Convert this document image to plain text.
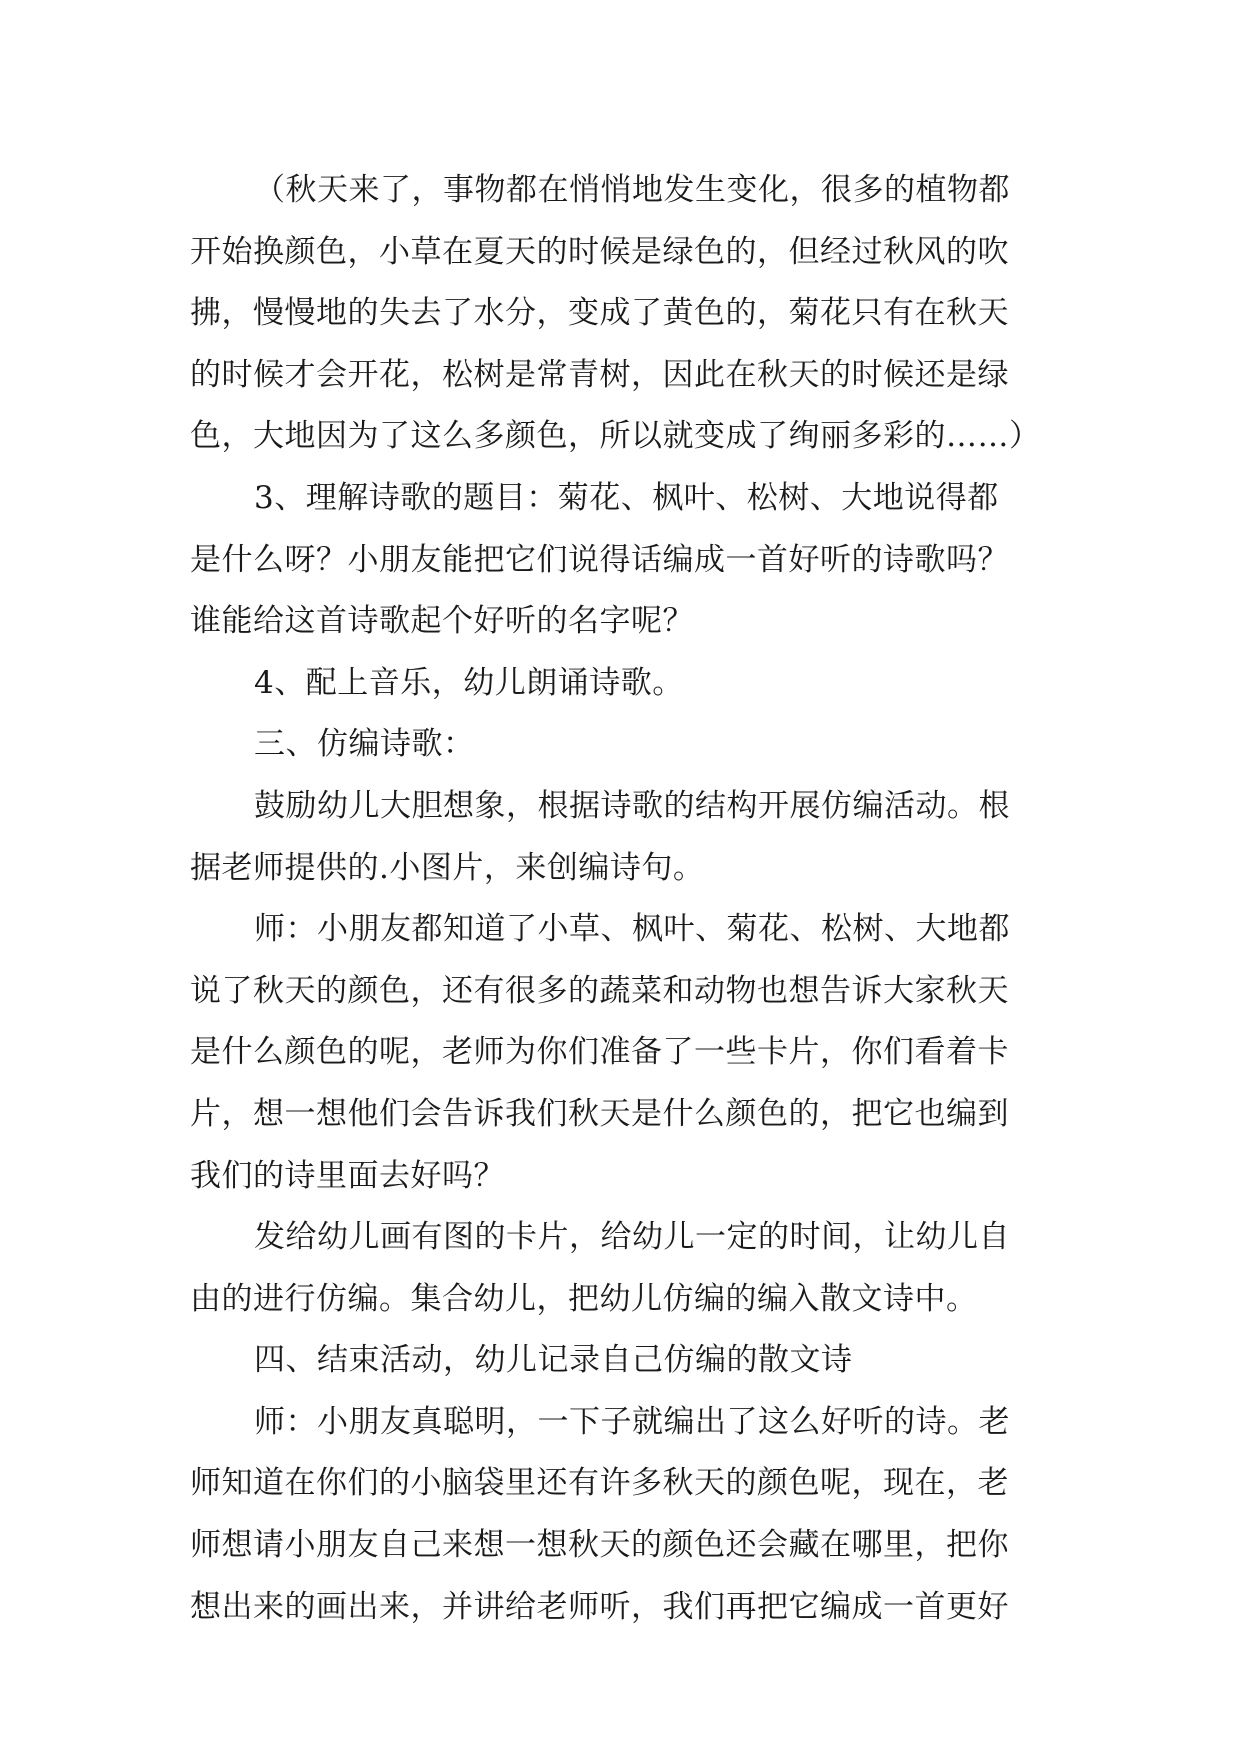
（秋天来了，事物都在悄悄地发生变化，很多的植物都
开始换颜色，小草在夏天的时候是绿色的，但经过秋风的吹
拂，慢慢地的失去了水分，变成了黄色的，菊花只有在秋天
的时候才会开花，松树是常青树，因此在秋天的时候还是绿
色，大地因为了这么多颜色，所以就变成了绚丽多彩的……）
3、理解诗歌的题目：菊花、枫叶、松树、大地说得都
是什么呀？小朋友能把它们说得话编成一首好听的诗歌吗？
谁能给这首诗歌起个好听的名字呢？
4、配上音乐，幼儿朗诵诗歌。
三、仿编诗歌：
鼓励幼儿大胆想象，根据诗歌的结构开展仿编活动。根
据老师提供的.小图片，来创编诗句。
师：小朋友都知道了小草、枫叶、菊花、松树、大地都
说了秋天的颜色，还有很多的蔬菜和动物也想告诉大家秋天
是什么颜色的呢，老师为你们准备了一些卡片，你们看着卡
片，想一想他们会告诉我们秋天是什么颜色的，把它也编到
我们的诗里面去好吗？
发给幼儿画有图的卡片，给幼儿一定的时间，让幼儿自
由的进行仿编。集合幼儿，把幼儿仿编的编入散文诗中。
四、结束活动，幼儿记录自己仿编的散文诗
师：小朋友真聪明，一下子就编出了这么好听的诗。老
师知道在你们的小脑袋里还有许多秋天的颜色呢，现在，老
师想请小朋友自己来想一想秋天的颜色还会藏在哪里，把你
想出来的画出来，并讲给老师听，我们再把它编成一首更好
